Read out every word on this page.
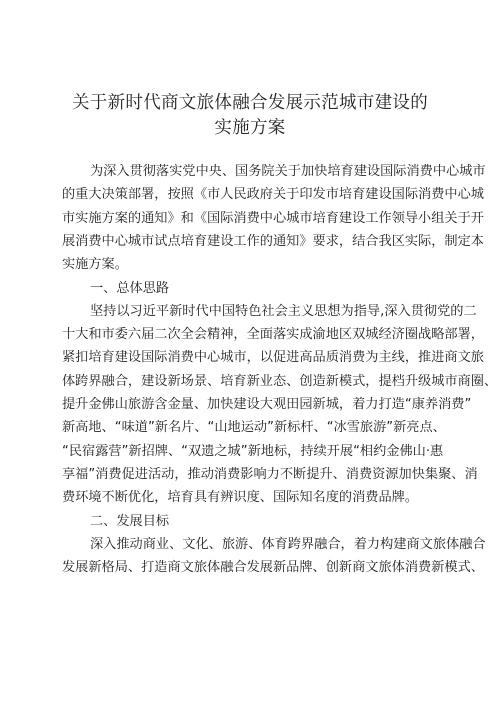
关于新时代商文旅体融合发展示范城市建设的
实施方案
为深入贯彻落实党中央、国务院关于加快培育建设国际消费中心城市
的重大决策部署，按照《市人民政府关于印发市培育建设国际消费中心城
市实施方案的通知》和《国际消费中心城市培育建设工作领导小组关于开
展消费中心城市试点培育建设工作的通知》要求，结合我区实际，制定本
实施方案。
一、总体思路
坚持以习近平新时代中国特色社会主义思想为指导,深入贯彻党的二
十大和市委六届二次全会精神，全面落实成渝地区双城经济圈战略部署，
紧扣培育建设国际消费中心城市，以促进高品质消费为主线，推进商文旅
体跨界融合，建设新场景、培育新业态、创造新模式，提档升级城市商圈、
提升金佛山旅游含金量、加快建设大观田园新城，着力打造“康养消费”
新高地、“味道”新名片、“山地运动”新标杆、“冰雪旅游”新亮点、
“民宿露营”新招牌、“双遗之城”新地标，持续开展“相约金佛山·惠
享福”消费促进活动，推动消费影响力不断提升、消费资源加快集聚、消
费环境不断优化，培育具有辨识度、国际知名度的消费品牌。
二、发展目标
深入推动商业、文化、旅游、体育跨界融合，着力构建商文旅体融合
发展新格局、打造商文旅体融合发展新品牌、创新商文旅体消费新模式、
